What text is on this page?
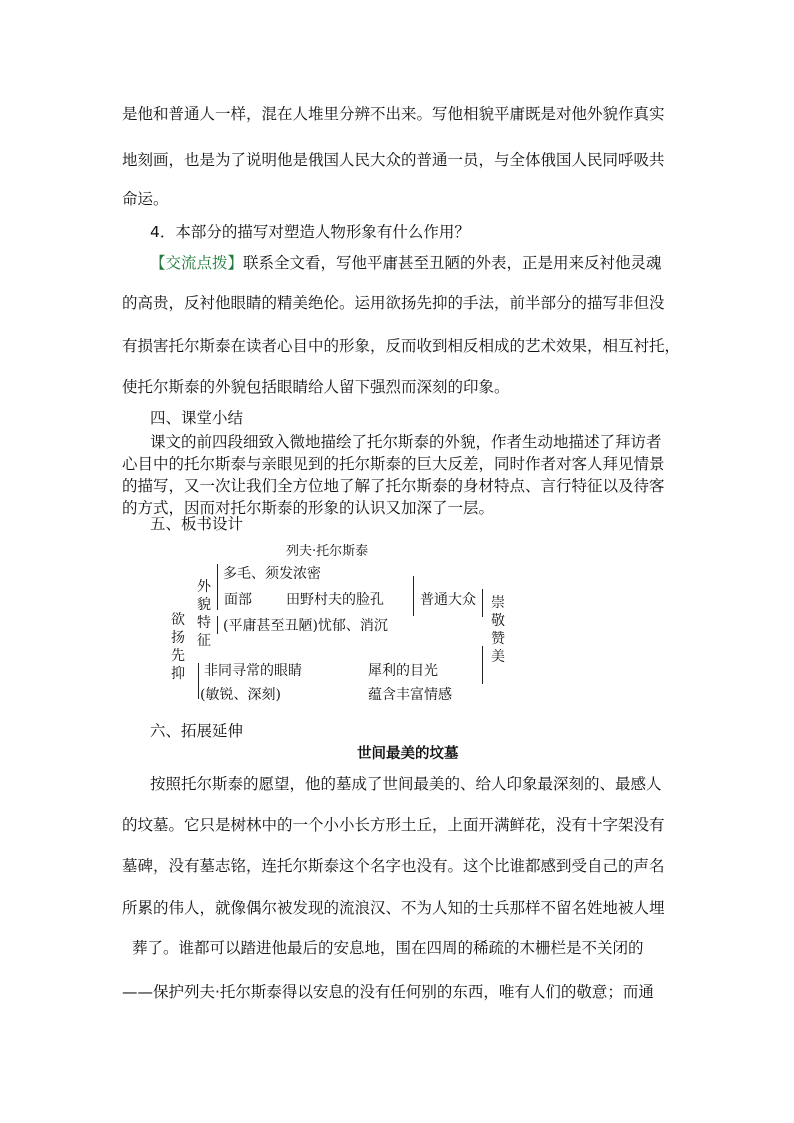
是他和普通人一样，混在人堆里分辨不出来。写他相貌平庸既是对他外貌作真实
地刻画，也是为了说明他是俄国人民大众的普通一员，与全体俄国人民同呼吸共
命运。
4．本部分的描写对塑造人物形象有什么作用？
【交流点拨】联系全文看，写他平庸甚至丑陋的外表，正是用来反衬他灵魂
的高贵，反衬他眼睛的精美绝伦。运用欲扬先抑的手法，前半部分的描写非但没
有损害托尔斯泰在读者心目中的形象，反而收到相反相成的艺术效果，相互衬托，
使托尔斯泰的外貌包括眼睛给人留下强烈而深刻的印象。
四、课堂小结
课文的前四段细致入微地描绘了托尔斯泰的外貌，作者生动地描述了拜访者
心目中的托尔斯泰与亲眼见到的托尔斯泰的巨大反差，同时作者对客人拜见情景
的描写，又一次让我们全方位地了解了托尔斯泰的身材特点、言行特征以及待客
的方式，因而对托尔斯泰的形象的认识又加深了一层。
五、板书设计
列夫·托尔斯泰
欲扬先抑
外貌特征
崇敬赞美
多毛、须发浓密
面部 田野村夫的脸孔	普通大众
(平庸甚至丑陋)忧郁、消沉
非同寻常的眼睛	犀利的目光
(敏锐、深刻)	蕴含丰富情感
六、拓展延伸
世间最美的坟墓
按照托尔斯泰的愿望，他的墓成了世间最美的、给人印象最深刻的、最感人
的坟墓。它只是树林中的一个小小长方形土丘，上面开满鲜花，没有十字架没有
墓碑，没有墓志铭，连托尔斯泰这个名字也没有。这个比谁都感到受自己的声名
所累的伟人，就像偶尔被发现的流浪汉、不为人知的士兵那样不留名姓地被人埋
葬了。谁都可以踏进他最后的安息地，围在四周的稀疏的木栅栏是不关闭的
——保护列夫·托尔斯泰得以安息的没有任何别的东西，唯有人们的敬意；而通
